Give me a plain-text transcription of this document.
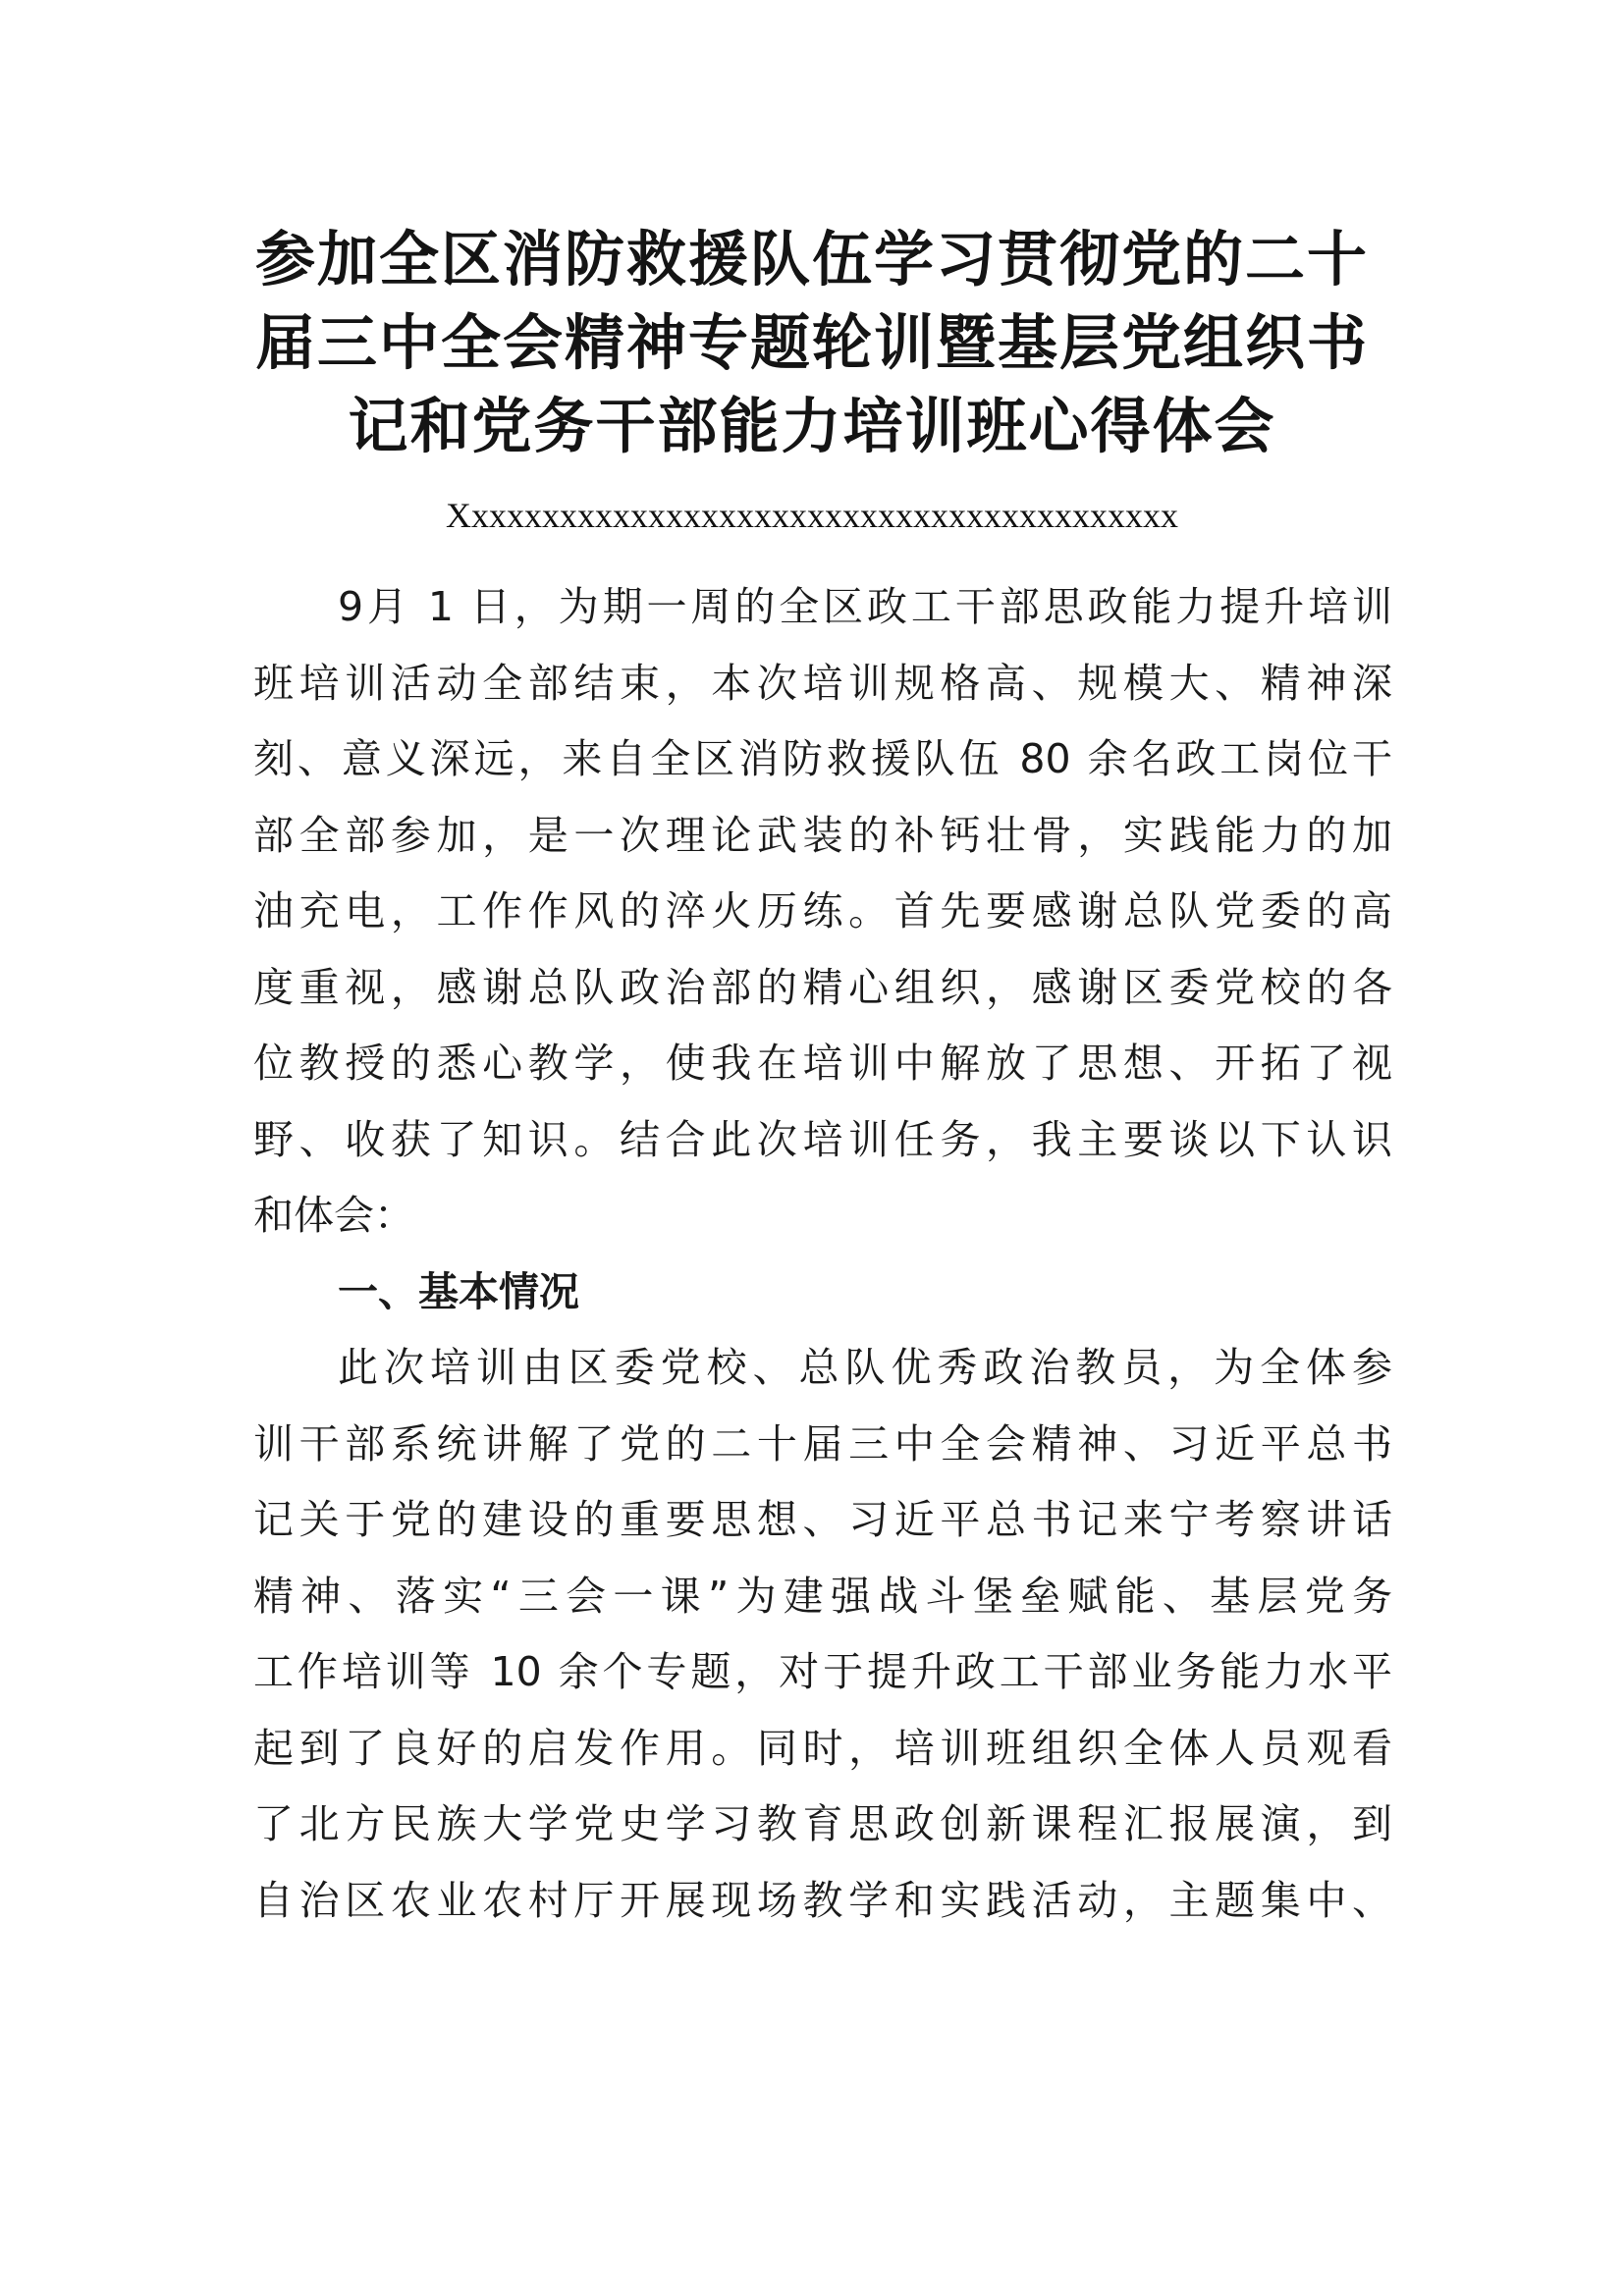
参加全区消防救援队伍学习贯彻党的二十
届三中全会精神专题轮训暨基层党组织书
记和党务干部能力培训班心得体会
Xxxxxxxxxxxxxxxxxxxxxxxxxxxxxxxxxxxxxxxxx
9月 1 日，为期一周的全区政工干部思政能力提升培训
班培训活动全部结束，本次培训规格高、规模大、精神深
刻、意义深远，来自全区消防救援队伍 80 余名政工岗位干
部全部参加，是一次理论武装的补钙壮骨，实践能力的加
油充电，工作作风的淬火历练。首先要感谢总队党委的高
度重视，感谢总队政治部的精心组织，感谢区委党校的各
位教授的悉心教学，使我在培训中解放了思想、开拓了视
野、收获了知识。结合此次培训任务，我主要谈以下认识
和体会：
一、基本情况
此次培训由区委党校、总队优秀政治教员，为全体参
训干部系统讲解了党的二十届三中全会精神、习近平总书
记关于党的建设的重要思想、习近平总书记来宁考察讲话
精神、落实“三会一课”为建强战斗堡垒赋能、基层党务
工作培训等 10 余个专题，对于提升政工干部业务能力水平
起到了良好的启发作用。同时，培训班组织全体人员观看
了北方民族大学党史学习教育思政创新课程汇报展演，到
自治区农业农村厅开展现场教学和实践活动，主题集中、
